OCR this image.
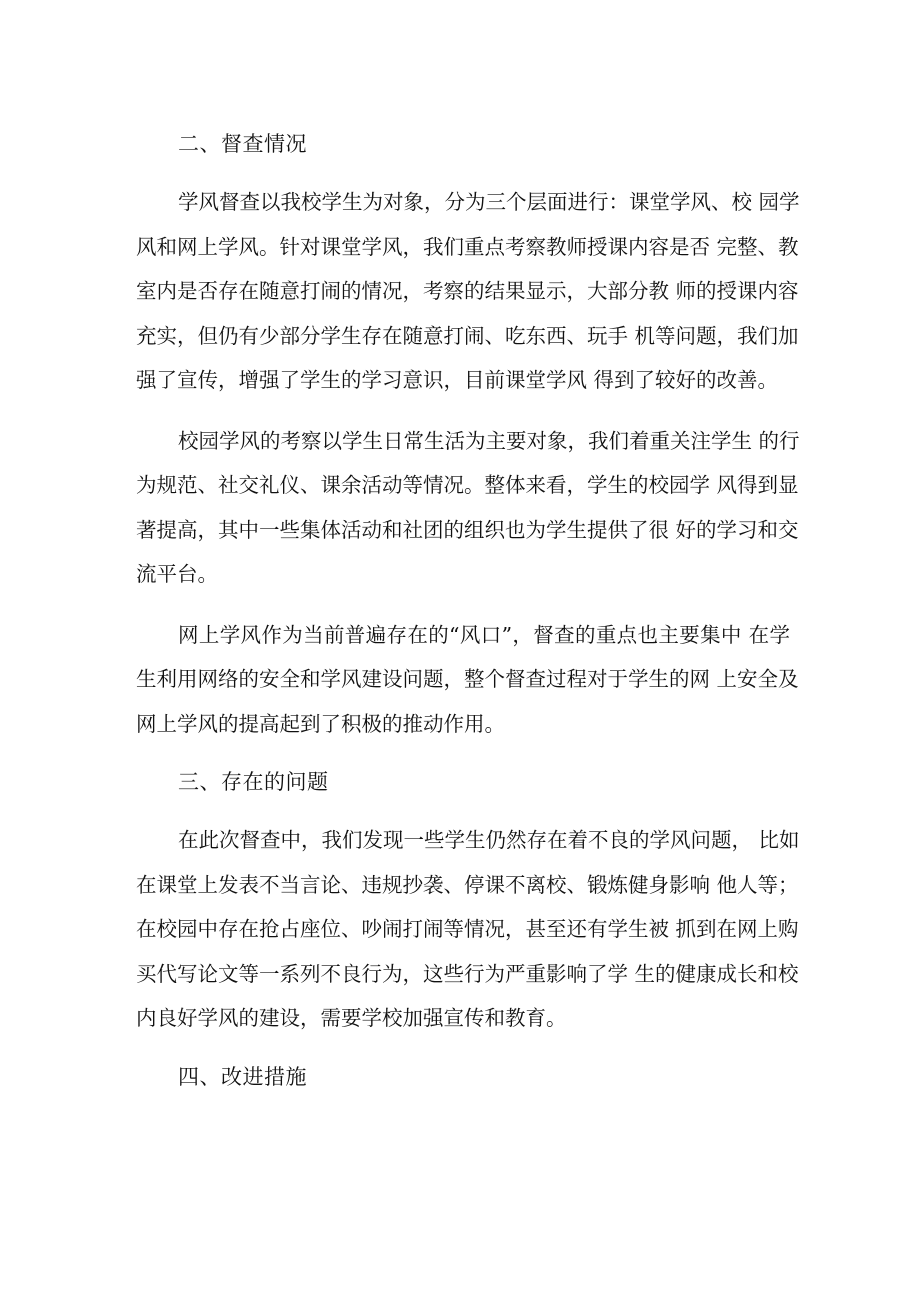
二、督查情况
学风督查以我校学生为对象，分为三个层面进行：课堂学风、校 园学
风和网上学风。针对课堂学风，我们重点考察教师授课内容是否 完整、教
室内是否存在随意打闹的情况，考察的结果显示，大部分教 师的授课内容
充实，但仍有少部分学生存在随意打闹、吃东西、玩手 机等问题，我们加
强了宣传，增强了学生的学习意识，目前课堂学风 得到了较好的改善。
校园学风的考察以学生日常生活为主要对象，我们着重关注学生 的行
为规范、社交礼仪、课余活动等情况。整体来看，学生的校园学 风得到显
著提高，其中一些集体活动和社团的组织也为学生提供了很 好的学习和交
流平台。
网上学风作为当前普遍存在的“风口”，督查的重点也主要集中 在学
生利用网络的安全和学风建设问题，整个督查过程对于学生的网 上安全及
网上学风的提高起到了积极的推动作用。
三、存在的问题
在此次督查中，我们发现一些学生仍然存在着不良的学风问题， 比如
在课堂上发表不当言论、违规抄袭、停课不离校、锻炼健身影响 他人等；
在校园中存在抢占座位、吵闹打闹等情况，甚至还有学生被 抓到在网上购
买代写论文等一系列不良行为，这些行为严重影响了学 生的健康成长和校
内良好学风的建设，需要学校加强宣传和教育。
四、改进措施
